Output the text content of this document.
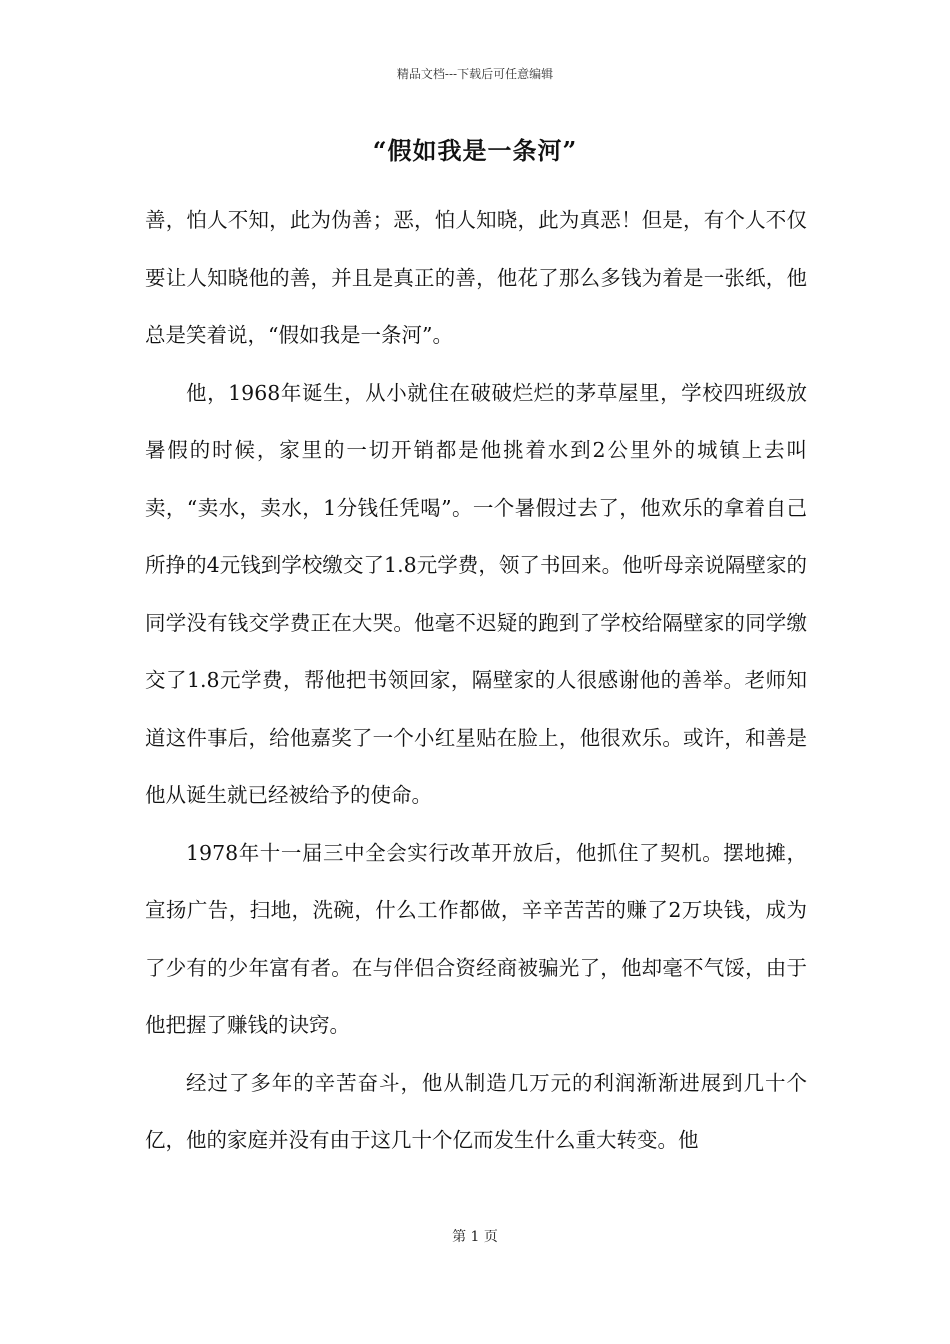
精品文档---下载后可任意编辑
“假如我是一条河”

善，怕人不知，此为伪善；恶，怕人知晓，此为真恶！但是，有个人不仅要让人知晓他的善，并且是真正的善，他花了那么多钱为着是一张纸，他总是笑着说，“假如我是一条河”。

他，1968年诞生，从小就住在破破烂烂的茅草屋里，学校四班级放暑假的时候，家里的一切开销都是他挑着水到2公里外的城镇上去叫卖，“卖水，卖水，1分钱任凭喝”。一个暑假过去了，他欢乐的拿着自己所挣的4元钱到学校缴交了1.8元学费，领了书回来。他听母亲说隔壁家的同学没有钱交学费正在大哭。他毫不迟疑的跑到了学校给隔壁家的同学缴交了1.8元学费，帮他把书领回家，隔壁家的人很感谢他的善举。老师知道这件事后，给他嘉奖了一个小红星贴在脸上，他很欢乐。或许，和善是他从诞生就已经被给予的使命。

1978年十一届三中全会实行改革开放后，他抓住了契机。摆地摊，宣扬广告，扫地，洗碗，什么工作都做，辛辛苦苦的赚了2万块钱，成为了少有的少年富有者。在与伴侣合资经商被骗光了，他却毫不气馁，由于他把握了赚钱的诀窍。

经过了多年的辛苦奋斗，他从制造几万元的利润渐渐进展到几十个亿，他的家庭并没有由于这几十个亿而发生什么重大转变。他

第 1 页
